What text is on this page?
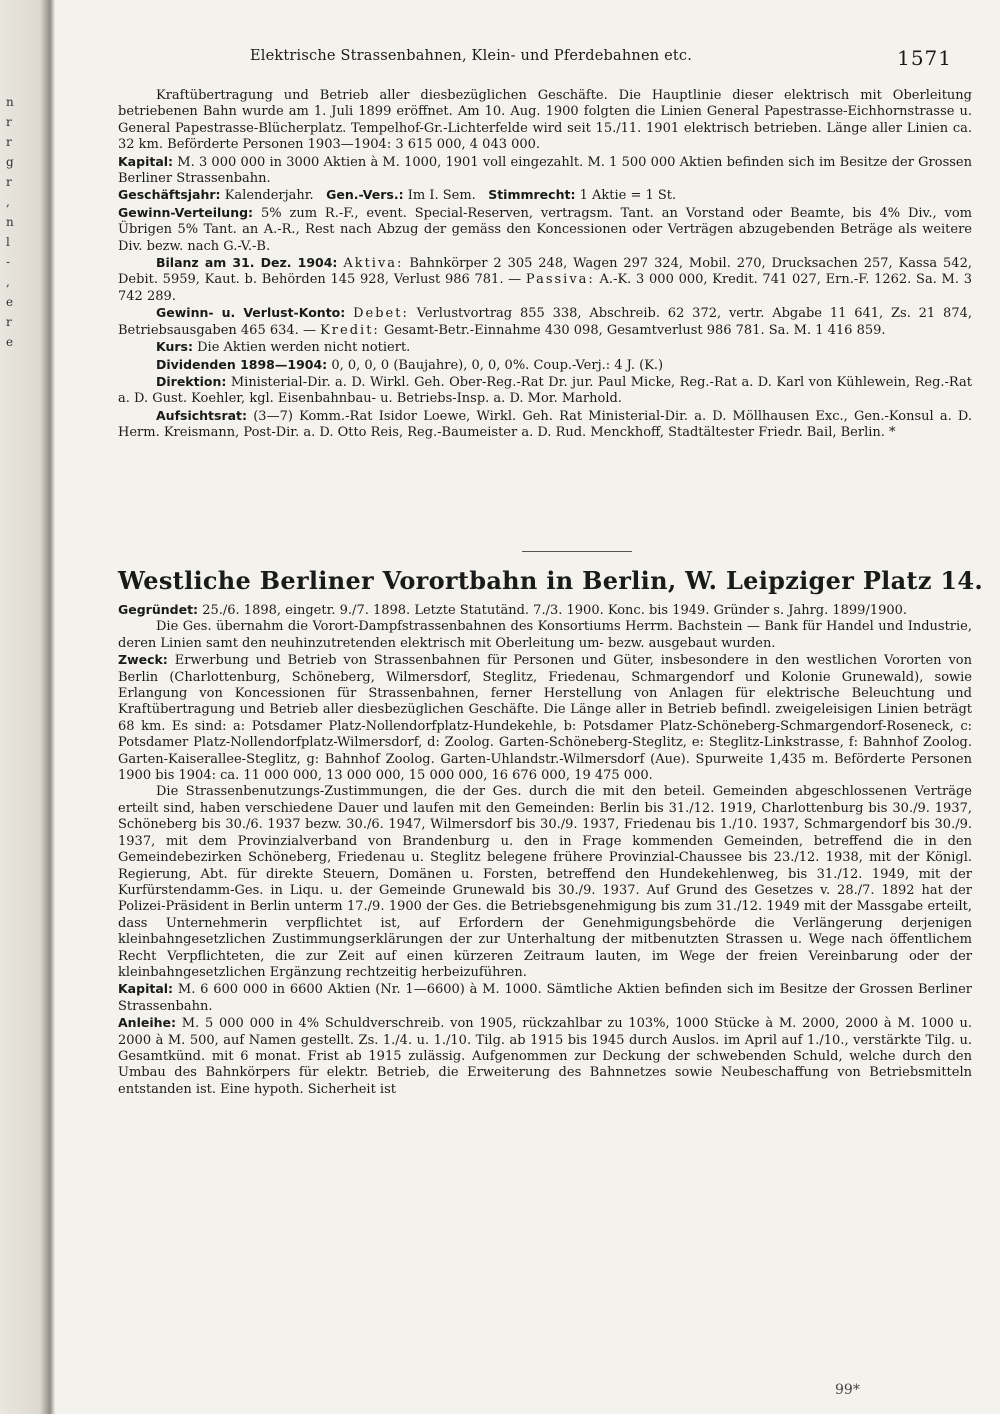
n
r
r
g
r
,
n
l
-
,
e
r
e
Elektrische Strassenbahnen, Klein- und Pferdebahnen etc.	1571

Kraftübertragung und Betrieb aller diesbezüglichen Geschäfte. Die Hauptlinie dieser elektrisch mit Oberleitung betriebenen Bahn wurde am 1. Juli 1899 eröffnet. Am 10. Aug. 1900 folgten die Linien General Papestrasse-Eichhornstrasse u. General Papestrasse-Blücherplatz. Tempelhof-Gr.-Lichterfelde wird seit 15./11. 1901 elektrisch betrieben. Länge aller Linien ca. 32 km. Beförderte Personen 1903—1904: 3 615 000, 4 043 000.

Kapital: M. 3 000 000 in 3000 Aktien à M. 1000, 1901 voll eingezahlt. M. 1 500 000 Aktien befinden sich im Besitze der Grossen Berliner Strassenbahn.

Geschäftsjahr: Kalenderjahr. Gen.-Vers.: Im I. Sem. Stimmrecht: 1 Aktie = 1 St.

Gewinn-Verteilung: 5% zum R.-F., event. Special-Reserven, vertragsm. Tant. an Vorstand oder Beamte, bis 4% Div., vom Übrigen 5% Tant. an A.-R., Rest nach Abzug der gemäss den Koncessionen oder Verträgen abzugebenden Beträge als weitere Div. bezw. nach G.-V.-B.

Bilanz am 31. Dez. 1904: Aktiva: Bahnkörper 2 305 248, Wagen 297 324, Mobil. 270, Drucksachen 257, Kassa 542, Debit. 5959, Kaut. b. Behörden 145 928, Verlust 986 781. — Passiva: A.-K. 3 000 000, Kredit. 741 027, Ern.-F. 1262. Sa. M. 3 742 289.

Gewinn- u. Verlust-Konto: Debet: Verlustvortrag 855 338, Abschreib. 62 372, vertr. Abgabe 11 641, Zs. 21 874, Betriebsausgaben 465 634. — Kredit: Gesamt-Betr.-Einnahme 430 098, Gesamtverlust 986 781. Sa. M. 1 416 859.

Kurs: Die Aktien werden nicht notiert.

Dividenden 1898—1904: 0, 0, 0, 0 (Baujahre), 0, 0, 0%. Coup.-Verj.: 4 J. (K.)

Direktion: Ministerial-Dir. a. D. Wirkl. Geh. Ober-Reg.-Rat Dr. jur. Paul Micke, Reg.-Rat a. D. Karl von Kühlewein, Reg.-Rat a. D. Gust. Koehler, kgl. Eisenbahnbau- u. Betriebs-Insp. a. D. Mor. Marhold.

Aufsichtsrat: (3—7) Komm.-Rat Isidor Loewe, Wirkl. Geh. Rat Ministerial-Dir. a. D. Möllhausen Exc., Gen.-Konsul a. D. Herm. Kreismann, Post-Dir. a. D. Otto Reis, Reg.-Baumeister a. D. Rud. Menckhoff, Stadtältester Friedr. Bail, Berlin. *

Westliche Berliner Vorortbahn in Berlin, W. Leipziger Platz 14.

Gegründet: 25./6. 1898, eingetr. 9./7. 1898. Letzte Statutänd. 7./3. 1900. Konc. bis 1949. Gründer s. Jahrg. 1899/1900.

Die Ges. übernahm die Vorort-Dampfstrassenbahnen des Konsortiums Herrm. Bachstein — Bank für Handel und Industrie, deren Linien samt den neuhinzutretenden elektrisch mit Oberleitung um- bezw. ausgebaut wurden.

Zweck: Erwerbung und Betrieb von Strassenbahnen für Personen und Güter, insbesondere in den westlichen Vororten von Berlin (Charlottenburg, Schöneberg, Wilmersdorf, Steglitz, Friedenau, Schmargendorf und Kolonie Grunewald), sowie Erlangung von Koncessionen für Strassenbahnen, ferner Herstellung von Anlagen für elektrische Beleuchtung und Kraftübertragung und Betrieb aller diesbezüglichen Geschäfte. Die Länge aller in Betrieb befindl. zweigeleisigen Linien beträgt 68 km. Es sind: a: Potsdamer Platz-Nollendorfplatz-Hundekehle, b: Potsdamer Platz-Schöneberg-Schmargendorf-Roseneck, c: Potsdamer Platz-Nollendorfplatz-Wilmersdorf, d: Zoolog. Garten-Schöneberg-Steglitz, e: Steglitz-Linkstrasse, f: Bahnhof Zoolog. Garten-Kaiserallee-Steglitz, g: Bahnhof Zoolog. Garten-Uhlandstr.-Wilmersdorf (Aue). Spurweite 1,435 m. Beförderte Personen 1900 bis 1904: ca. 11 000 000, 13 000 000, 15 000 000, 16 676 000, 19 475 000.

Die Strassenbenutzungs-Zustimmungen, die der Ges. durch die mit den beteil. Gemeinden abgeschlossenen Verträge erteilt sind, haben verschiedene Dauer und laufen mit den Gemeinden: Berlin bis 31./12. 1919, Charlottenburg bis 30./9. 1937, Schöneberg bis 30./6. 1937 bezw. 30./6. 1947, Wilmersdorf bis 30./9. 1937, Friedenau bis 1./10. 1937, Schmargendorf bis 30./9. 1937, mit dem Provinzialverband von Brandenburg u. den in Frage kommenden Gemeinden, betreffend die in den Gemeindebezirken Schöneberg, Friedenau u. Steglitz belegene frühere Provinzial-Chaussee bis 23./12. 1938, mit der Königl. Regierung, Abt. für direkte Steuern, Domänen u. Forsten, betreffend den Hundekehlenweg, bis 31./12. 1949, mit der Kurfürstendamm-Ges. in Liqu. u. der Gemeinde Grunewald bis 30./9. 1937. Auf Grund des Gesetzes v. 28./7. 1892 hat der Polizei-Präsident in Berlin unterm 17./9. 1900 der Ges. die Betriebsgenehmigung bis zum 31./12. 1949 mit der Massgabe erteilt, dass Unternehmerin verpflichtet ist, auf Erfordern der Genehmigungsbehörde die Verlängerung derjenigen kleinbahngesetzlichen Zustimmungserklärungen der zur Unterhaltung der mitbenutzten Strassen u. Wege nach öffentlichem Recht Verpflichteten, die zur Zeit auf einen kürzeren Zeitraum lauten, im Wege der freien Vereinbarung oder der kleinbahngesetzlichen Ergänzung rechtzeitig herbeizuführen.

Kapital: M. 6 600 000 in 6600 Aktien (Nr. 1—6600) à M. 1000. Sämtliche Aktien befinden sich im Besitze der Grossen Berliner Strassenbahn.

Anleihe: M. 5 000 000 in 4% Schuldverschreib. von 1905, rückzahlbar zu 103%, 1000 Stücke à M. 2000, 2000 à M. 1000 u. 2000 à M. 500, auf Namen gestellt. Zs. 1./4. u. 1./10. Tilg. ab 1915 bis 1945 durch Auslos. im April auf 1./10., verstärkte Tilg. u. Gesamtkünd. mit 6 monat. Frist ab 1915 zulässig. Aufgenommen zur Deckung der schwebenden Schuld, welche durch den Umbau des Bahnkörpers für elektr. Betrieb, die Erweiterung des Bahnnetzes sowie Neubeschaffung von Betriebsmitteln entstanden ist. Eine hypoth. Sicherheit ist

99*
